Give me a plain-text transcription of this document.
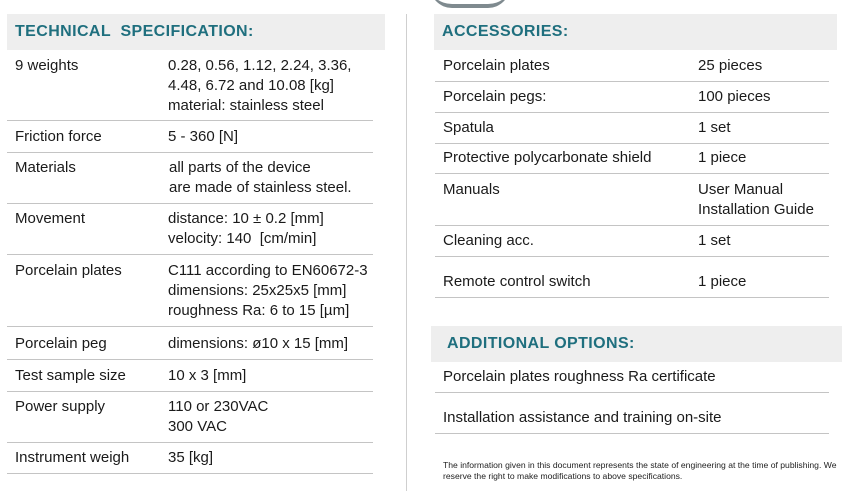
TECHNICAL  SPECIFICATION:
9 weights	0.28, 0.56, 1.12, 2.24, 3.36,
4.48, 6.72 and 10.08 [kg]
material: stainless steel
Friction force	5 - 360 [N]
Materials	all parts of the device
are made of stainless steel.
Movement	distance: 10 ± 0.2 [mm]
velocity: 140  [cm/min]
Porcelain plates	C111 according to EN60672-3
dimensions: 25x25x5 [mm]
roughness Ra: 6 to 15 [µm]
Porcelain peg	dimensions: ø10 x 15 [mm]
Test sample size	10 x 3 [mm]
Power supply	110 or 230VAC
300 VAC
Instrument weigh	35 [kg]
ACCESSORIES:
Porcelain plates	25 pieces
Porcelain pegs:	100 pieces
Spatula	1 set
Protective polycarbonate shield	1 piece
Manuals	User Manual
Installation Guide
Cleaning acc.	1 set
Remote control switch	1 piece
ADDITIONAL OPTIONS:
Porcelain plates roughness Ra certificate
Installation assistance and training on-site
The information given in this document represents the state of engineering at the time of publishing. We reserve the right to make modifications to above specifications.
